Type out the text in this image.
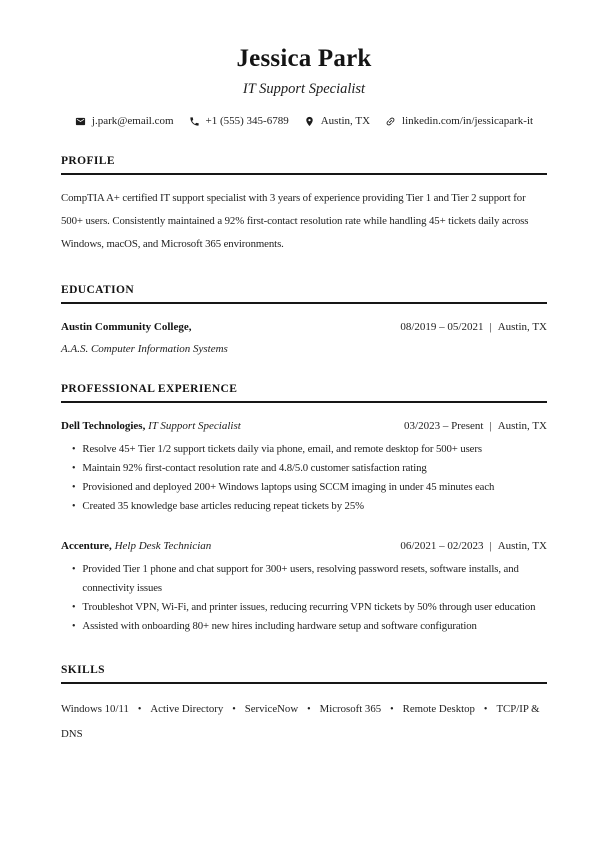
Jessica Park
IT Support Specialist
j.park@email.com	+1 (555) 345-6789	Austin, TX	linkedin.com/in/jessicapark-it
PROFILE

CompTIA A+ certified IT support specialist with 3 years of experience providing Tier 1 and Tier 2 support for 500+ users. Consistently maintained a 92% first-contact resolution rate while handling 45+ tickets daily across Windows, macOS, and Microsoft 365 environments.

EDUCATION
Austin Community College,	08/2019 – 05/2021 | Austin, TX
A.A.S. Computer Information Systems
PROFESSIONAL EXPERIENCE
Dell Technologies, IT Support Specialist	03/2023 – Present | Austin, TX
• Resolve 45+ Tier 1/2 support tickets daily via phone, email, and remote desktop for 500+ users
• Maintain 92% first-contact resolution rate and 4.8/5.0 customer satisfaction rating
• Provisioned and deployed 200+ Windows laptops using SCCM imaging in under 45 minutes each
• Created 35 knowledge base articles reducing repeat tickets by 25%
Accenture, Help Desk Technician	06/2021 – 02/2023 | Austin, TX
• Provided Tier 1 phone and chat support for 300+ users, resolving password resets, software installs, and connectivity issues
• Troubleshot VPN, Wi-Fi, and printer issues, reducing recurring VPN tickets by 50% through user education
• Assisted with onboarding 80+ new hires including hardware setup and software configuration
SKILLS
Windows 10/11 • Active Directory • ServiceNow • Microsoft 365 • Remote Desktop • TCP/IP & DNS
